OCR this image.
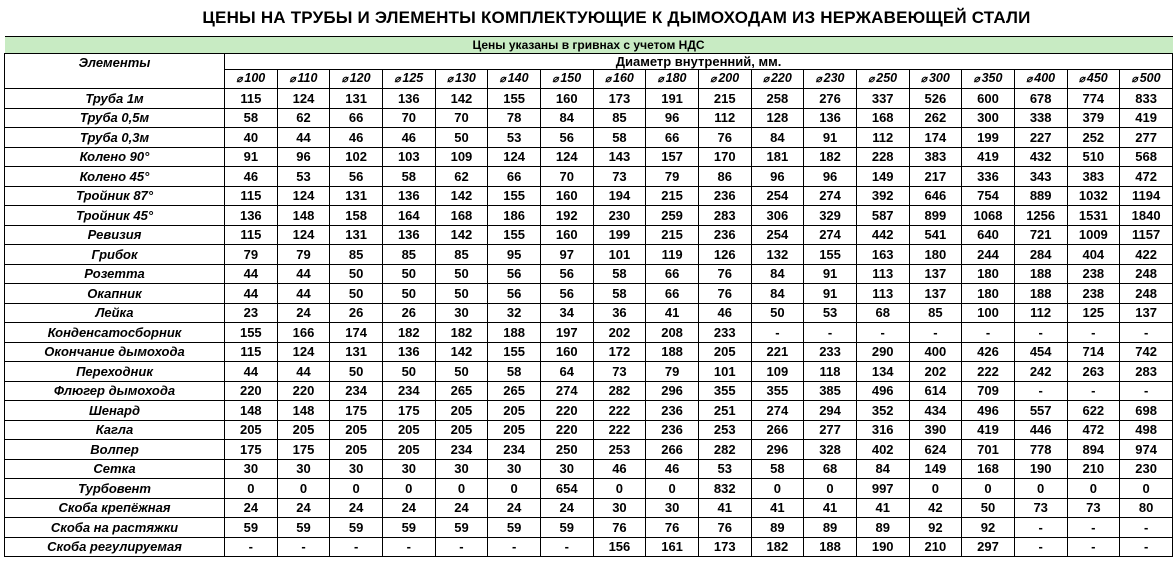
ЦЕНЫ НА ТРУБЫ И ЭЛЕМЕНТЫ КОМПЛЕКТУЮЩИЕ К ДЫМОХОДАМ ИЗ НЕРЖАВЕЮЩЕЙ СТАЛИ
Цены указаны в гривнах с учетом НДС																		
Элементы	Диаметр внутренний, мм.																	
	⌀ 100	⌀ 110	⌀ 120	⌀ 125	⌀ 130	⌀ 140	⌀ 150	⌀ 160	⌀ 180	⌀ 200	⌀ 220	⌀ 230	⌀ 250	⌀ 300	⌀ 350	⌀ 400	⌀ 450	⌀ 500
Труба 1м	115	124	131	136	142	155	160	173	191	215	258	276	337	526	600	678	774	833
Труба 0,5м	58	62	66	70	70	78	84	85	96	112	128	136	168	262	300	338	379	419
Труба 0,3м	40	44	46	46	50	53	56	58	66	76	84	91	112	174	199	227	252	277
Колено 90°	91	96	102	103	109	124	124	143	157	170	181	182	228	383	419	432	510	568
Колено 45°	46	53	56	58	62	66	70	73	79	86	96	96	149	217	336	343	383	472
Тройник 87°	115	124	131	136	142	155	160	194	215	236	254	274	392	646	754	889	1032	1194
Тройник 45°	136	148	158	164	168	186	192	230	259	283	306	329	587	899	1068	1256	1531	1840
Ревизия	115	124	131	136	142	155	160	199	215	236	254	274	442	541	640	721	1009	1157
Грибок	79	79	85	85	85	95	97	101	119	126	132	155	163	180	244	284	404	422
Розетта	44	44	50	50	50	56	56	58	66	76	84	91	113	137	180	188	238	248
Окапник	44	44	50	50	50	56	56	58	66	76	84	91	113	137	180	188	238	248
Лейка	23	24	26	26	30	32	34	36	41	46	50	53	68	85	100	112	125	137
Конденсатосборник	155	166	174	182	182	188	197	202	208	233	-	-	-	-	-	-	-	-
Окончание дымохода	115	124	131	136	142	155	160	172	188	205	221	233	290	400	426	454	714	742
Переходник	44	44	50	50	50	58	64	73	79	101	109	118	134	202	222	242	263	283
Флюгер дымохода	220	220	234	234	265	265	274	282	296	355	355	385	496	614	709	-	-	-
Шенард	148	148	175	175	205	205	220	222	236	251	274	294	352	434	496	557	622	698
Кагла	205	205	205	205	205	205	220	222	236	253	266	277	316	390	419	446	472	498
Волпер	175	175	205	205	234	234	250	253	266	282	296	328	402	624	701	778	894	974
Сетка	30	30	30	30	30	30	30	46	46	53	58	68	84	149	168	190	210	230
Турбовент	0	0	0	0	0	0	654	0	0	832	0	0	997	0	0	0	0	0
Скоба крепёжная	24	24	24	24	24	24	24	30	30	41	41	41	41	42	50	73	73	80
Скоба на растяжки	59	59	59	59	59	59	59	76	76	76	89	89	89	92	92	-	-	-
Скоба регулируемая	-	-	-	-	-	-	-	156	161	173	182	188	190	210	297	-	-	-
